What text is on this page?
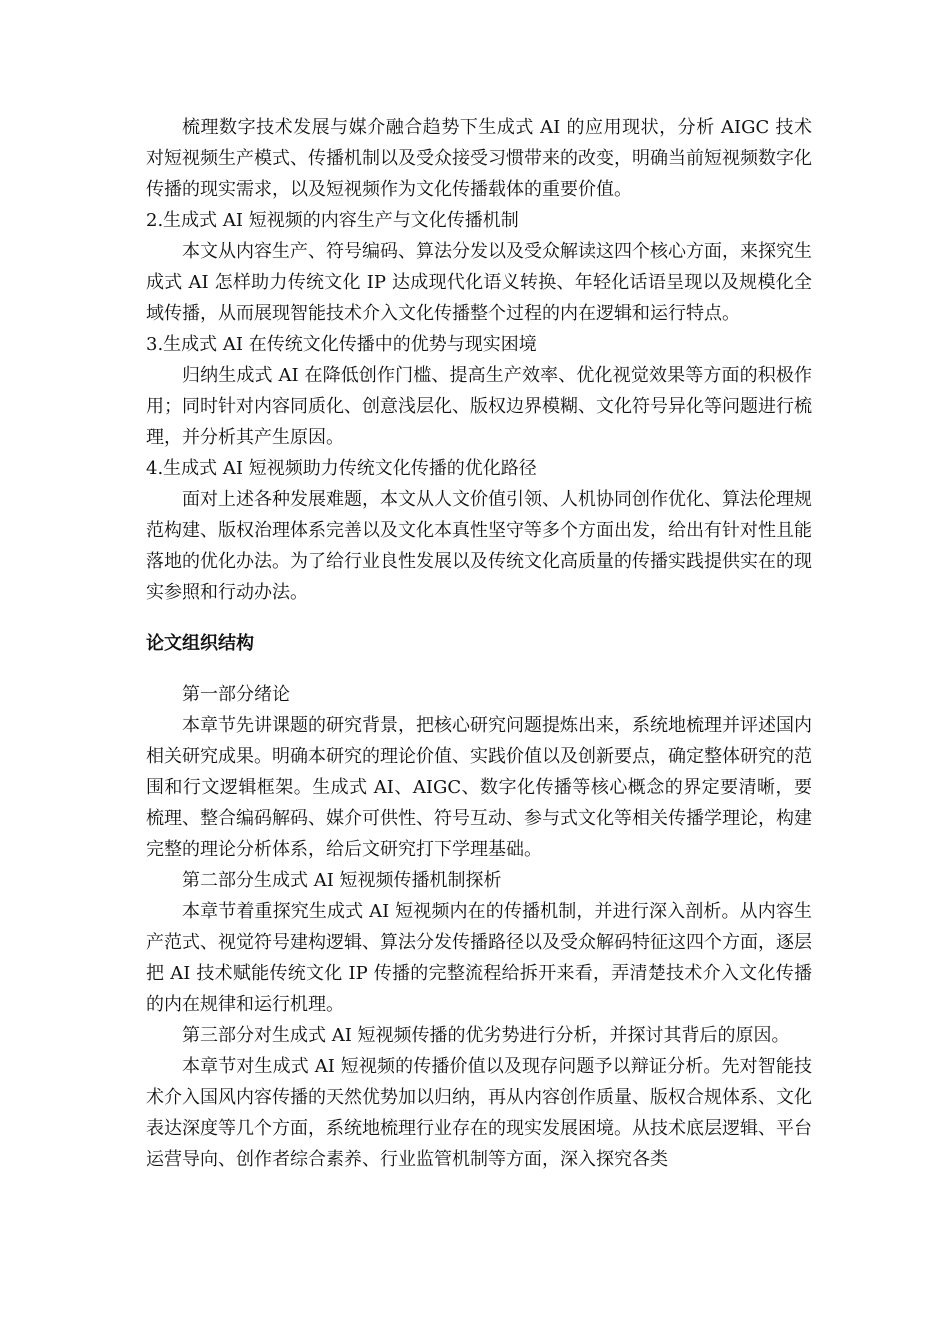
梳理数字技术发展与媒介融合趋势下生成式 AI 的应用现状，分析 AIGC 技术对短视频生产模式、传播机制以及受众接受习惯带来的改变，明确当前短视频数字化传播的现实需求，以及短视频作为文化传播载体的重要价值。

2.生成式 AI 短视频的内容生产与文化传播机制

本文从内容生产、符号编码、算法分发以及受众解读这四个核心方面，来探究生成式 AI 怎样助力传统文化 IP 达成现代化语义转换、年轻化话语呈现以及规模化全域传播，从而展现智能技术介入文化传播整个过程的内在逻辑和运行特点。

3.生成式 AI 在传统文化传播中的优势与现实困境

归纳生成式 AI 在降低创作门槛、提高生产效率、优化视觉效果等方面的积极作用；同时针对内容同质化、创意浅层化、版权边界模糊、文化符号异化等问题进行梳理，并分析其产生原因。

4.生成式 AI 短视频助力传统文化传播的优化路径

面对上述各种发展难题，本文从人文价值引领、人机协同创作优化、算法伦理规范构建、版权治理体系完善以及文化本真性坚守等多个方面出发，给出有针对性且能落地的优化办法。为了给行业良性发展以及传统文化高质量的传播实践提供实在的现实参照和行动办法。

论文组织结构

第一部分绪论

本章节先讲课题的研究背景，把核心研究问题提炼出来，系统地梳理并评述国内相关研究成果。明确本研究的理论价值、实践价值以及创新要点，确定整体研究的范围和行文逻辑框架。生成式 AI、AIGC、数字化传播等核心概念的界定要清晰，要梳理、整合编码解码、媒介可供性、符号互动、参与式文化等相关传播学理论，构建完整的理论分析体系，给后文研究打下学理基础。

第二部分生成式 AI 短视频传播机制探析

本章节着重探究生成式 AI 短视频内在的传播机制，并进行深入剖析。从内容生产范式、视觉符号建构逻辑、算法分发传播路径以及受众解码特征这四个方面，逐层把 AI 技术赋能传统文化 IP 传播的完整流程给拆开来看，弄清楚技术介入文化传播的内在规律和运行机理。

第三部分对生成式 AI 短视频传播的优劣势进行分析，并探讨其背后的原因。

本章节对生成式 AI 短视频的传播价值以及现存问题予以辩证分析。先对智能技术介入国风内容传播的天然优势加以归纳，再从内容创作质量、版权合规体系、文化表达深度等几个方面，系统地梳理行业存在的现实发展困境。从技术底层逻辑、平台运营导向、创作者综合素养、行业监管机制等方面，深入探究各类
